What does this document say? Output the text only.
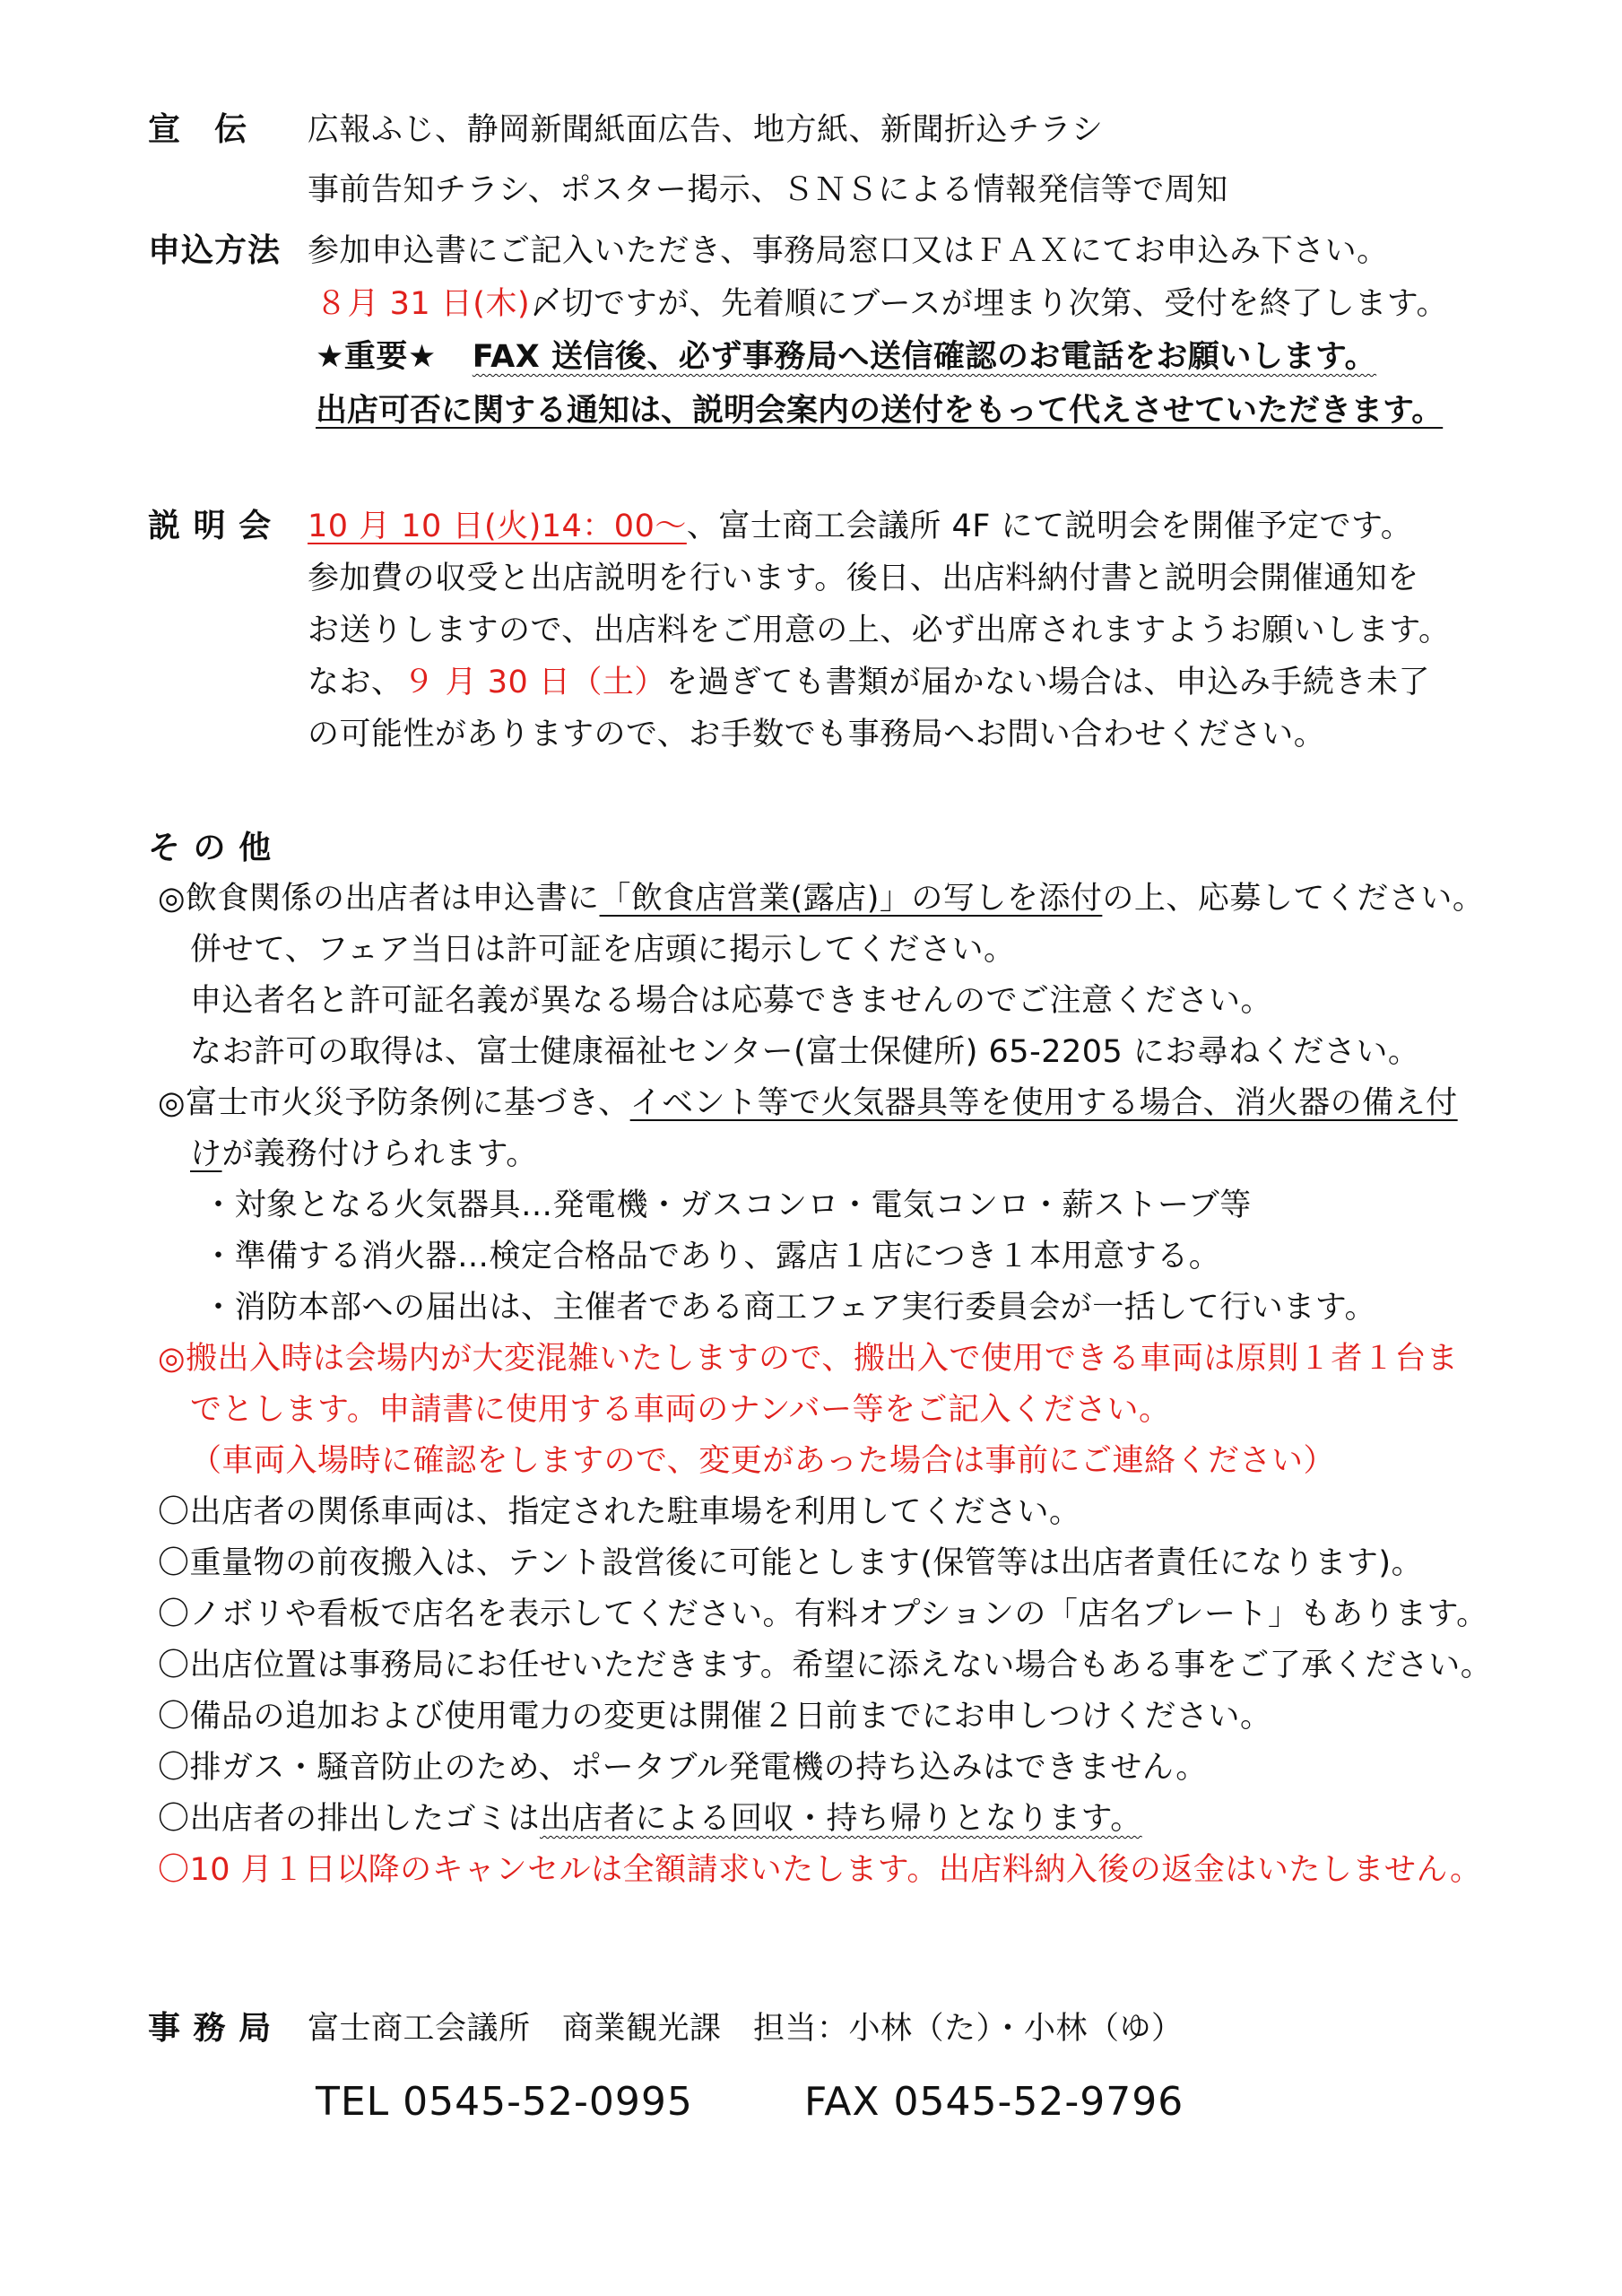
宣　伝 広報ふじ、静岡新聞紙面広告、地方紙、新聞折込チラシ
事前告知チラシ、ポスター掲示、ＳＮＳによる情報発信等で周知
申込方法 参加申込書にご記入いただき、事務局窓口又はＦＡＸにてお申込み下さい。
８月 31 日(木)〆切ですが、先着順にブースが埋まり次第、受付を終了します。
★重要★ FAX 送信後、必ず事務局へ送信確認のお電話をお願いします。
出店可否に関する通知は、説明会案内の送付をもって代えさせていただきます。
説 明 会 10 月 10 日(火)14：00～、富士商工会議所 4F にて説明会を開催予定です。
参加費の収受と出店説明を行います。後日、出店料納付書と説明会開催通知を
お送りしますので、出店料をご用意の上、必ず出席されますようお願いします。
なお、９ 月 30 日（土）を過ぎても書類が届かない場合は、申込み手続き未了
の可能性がありますので、お手数でも事務局へお問い合わせください。
そ の 他
◎飲食関係の出店者は申込書に「飲食店営業(露店)」の写しを添付の上、応募してください。
併せて、フェア当日は許可証を店頭に掲示してください。
申込者名と許可証名義が異なる場合は応募できませんのでご注意ください。
なお許可の取得は、富士健康福祉センター(富士保健所) 65-2205 にお尋ねください。
◎富士市火災予防条例に基づき、イベント等で火気器具等を使用する場合、消火器の備え付
けが義務付けられます。
・対象となる火気器具…発電機・ガスコンロ・電気コンロ・薪ストーブ等
・準備する消火器…検定合格品であり、露店１店につき１本用意する。
・消防本部への届出は、主催者である商工フェア実行委員会が一括して行います。
◎搬出入時は会場内が大変混雑いたしますので、搬出入で使用できる車両は原則１者１台ま
でとします。申請書に使用する車両のナンバー等をご記入ください。
（車両入場時に確認をしますので、変更があった場合は事前にご連絡ください）
〇出店者の関係車両は、指定された駐車場を利用してください。
〇重量物の前夜搬入は、テント設営後に可能とします(保管等は出店者責任になります)。
〇ノボリや看板で店名を表示してください。有料オプションの「店名プレート」もあります。
〇出店位置は事務局にお任せいただきます。希望に添えない場合もある事をご了承ください。
〇備品の追加および使用電力の変更は開催２日前までにお申しつけください。
〇排ガス・騒音防止のため、ポータブル発電機の持ち込みはできません。
〇出店者の排出したゴミは出店者による回収・持ち帰りとなります。
〇10 月１日以降のキャンセルは全額請求いたします。出店料納入後の返金はいたしません。
事 務 局 富士商工会議所　商業観光課　担当：小林（た）・小林（ゆ）
TEL 0545-52-0995	FAX 0545-52-9796
